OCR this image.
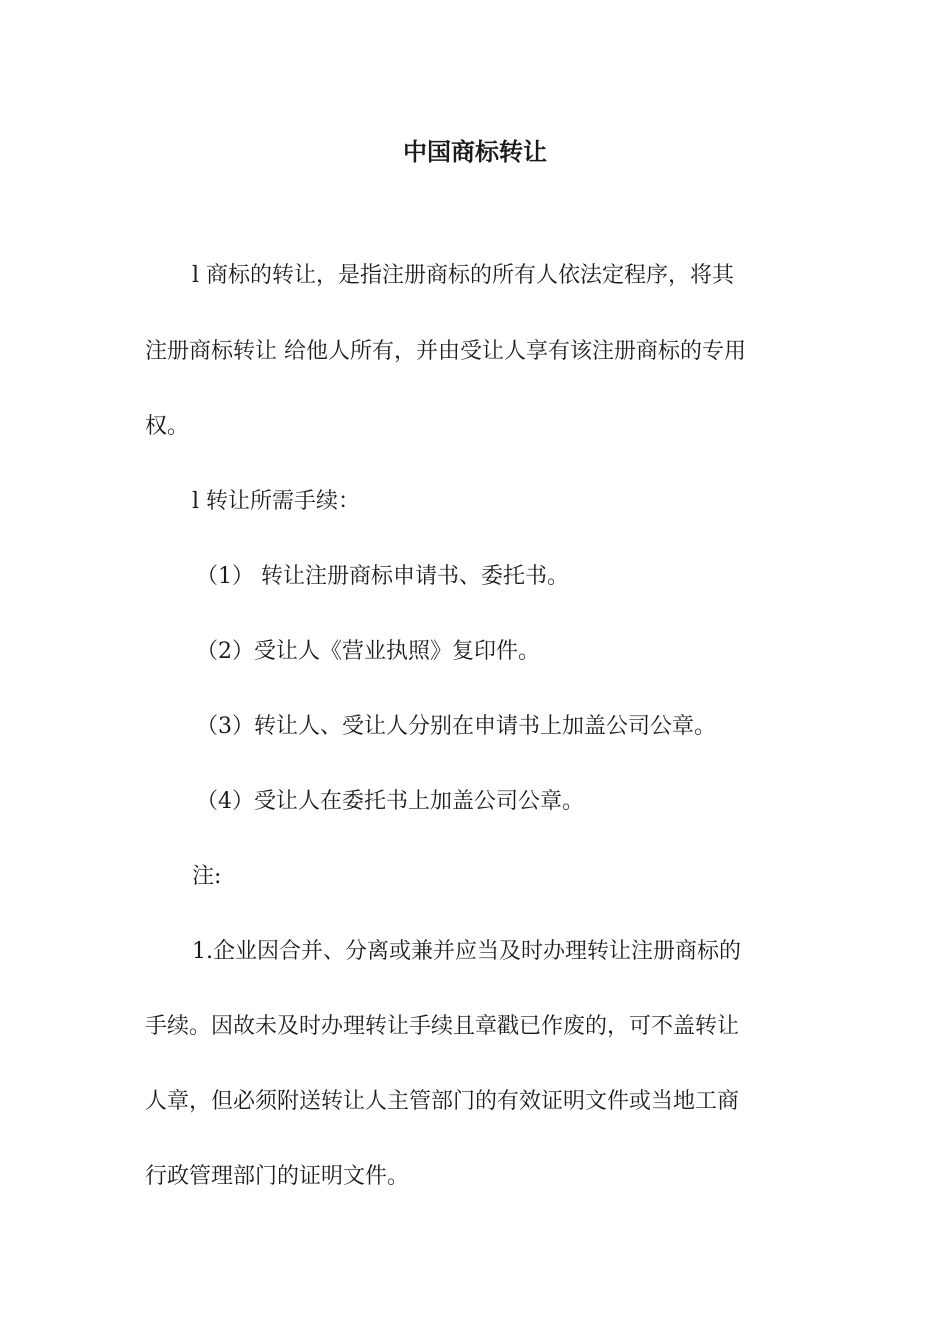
中国商标转让
l 商标的转让，是指注册商标的所有人依法定程序，将其
注册商标转让 给他人所有，并由受让人享有该注册商标的专用
权。
l 转让所需手续：
（1） 转让注册商标申请书、委托书。
（2）受让人《营业执照》复印件。
（3）转让人、受让人分别在申请书上加盖公司公章。
（4）受让人在委托书上加盖公司公章。
注:
1.企业因合并、分离或兼并应当及时办理转让注册商标的
手续。因故未及时办理转让手续且章戳已作废的，可不盖转让
人章，但必须附送转让人主管部门的有效证明文件或当地工商
行政管理部门的证明文件。
